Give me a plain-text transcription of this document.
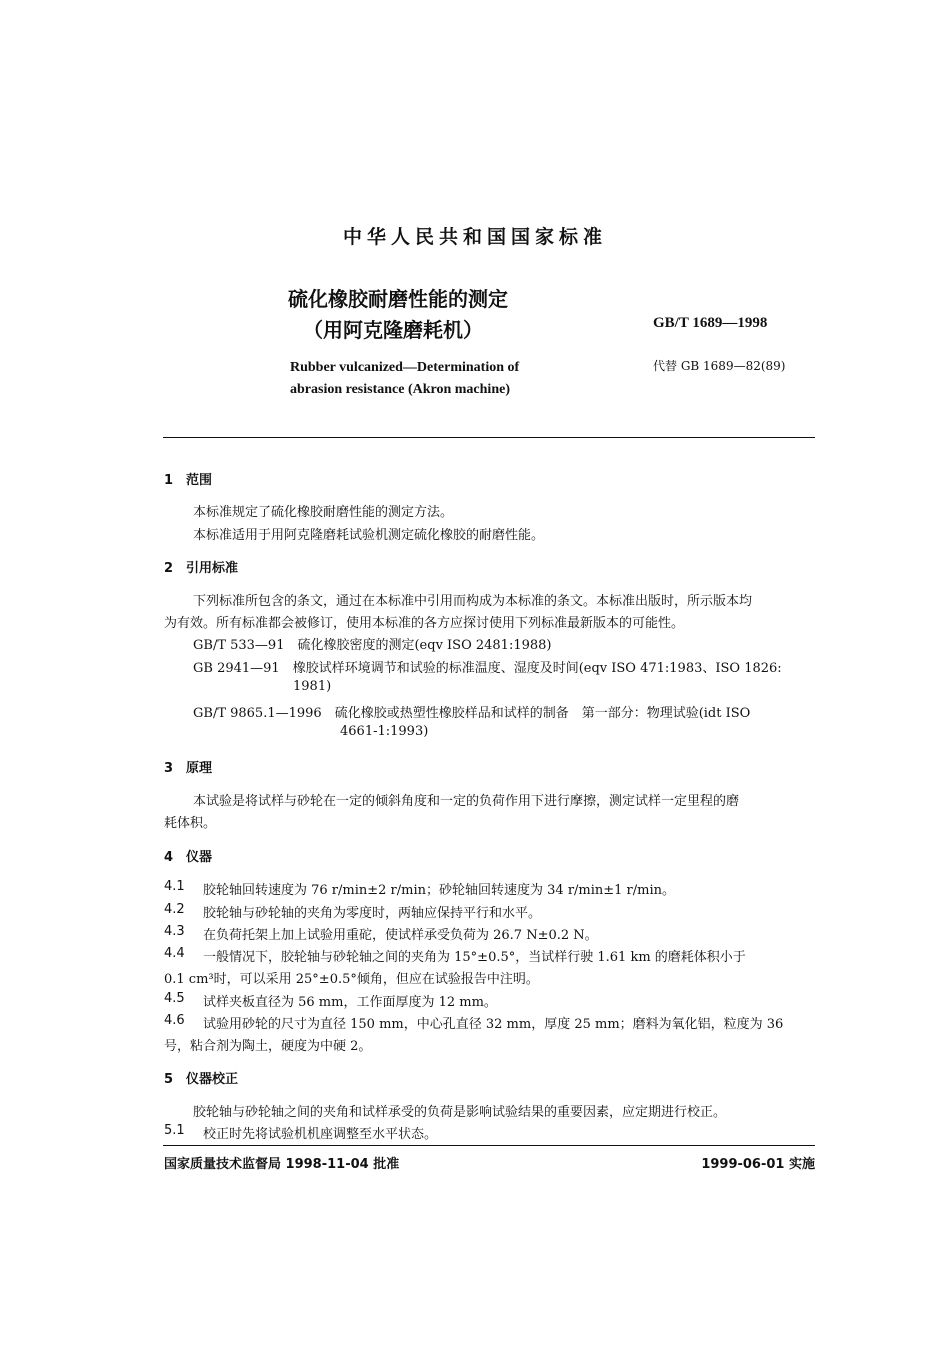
中华人民共和国国家标准
硫化橡胶耐磨性能的测定
（用阿克隆磨耗机）	GB/T 1689—1998
Rubber vulcanized—Determination of
abrasion resistance (Akron machine)
代替 GB 1689—82(89)
1 范围
本标准规定了硫化橡胶耐磨性能的测定方法。
本标准适用于用阿克隆磨耗试验机测定硫化橡胶的耐磨性能。
2 引用标准
下列标准所包含的条文，通过在本标准中引用而构成为本标准的条文。本标准出版时，所示版本均
为有效。所有标准都会被修订，使用本标准的各方应探讨使用下列标准最新版本的可能性。
GB/T 533—91　硫化橡胶密度的测定(eqv ISO 2481:1988)
GB 2941—91　橡胶试样环境调节和试验的标准温度、湿度及时间(eqv ISO 471:1983、ISO 1826:
1981)
GB/T 9865.1—1996　硫化橡胶或热塑性橡胶样品和试样的制备　第一部分：物理试验(idt ISO
4661-1:1993)
3 原理
本试验是将试样与砂轮在一定的倾斜角度和一定的负荷作用下进行摩擦，测定试样一定里程的磨
耗体积。
4 仪器
4.1 胶轮轴回转速度为 76 r/min±2 r/min；砂轮轴回转速度为 34 r/min±1 r/min。
4.2 胶轮轴与砂轮轴的夹角为零度时，两轴应保持平行和水平。
4.3 在负荷托架上加上试验用重砣，使试样承受负荷为 26.7 N±0.2 N。
4.4 一般情况下，胶轮轴与砂轮轴之间的夹角为 15°±0.5°，当试样行驶 1.61 km 的磨耗体积小于
0.1 cm³时，可以采用 25°±0.5°倾角，但应在试验报告中注明。
4.5 试样夹板直径为 56 mm，工作面厚度为 12 mm。
4.6 试验用砂轮的尺寸为直径 150 mm，中心孔直径 32 mm，厚度 25 mm；磨料为氧化铝，粒度为 36
号，粘合剂为陶土，硬度为中硬 2。
5 仪器校正
胶轮轴与砂轮轴之间的夹角和试样承受的负荷是影响试验结果的重要因素，应定期进行校正。
5.1 校正时先将试验机机座调整至水平状态。
国家质量技术监督局 1998-11-04 批准	1999-06-01 实施
